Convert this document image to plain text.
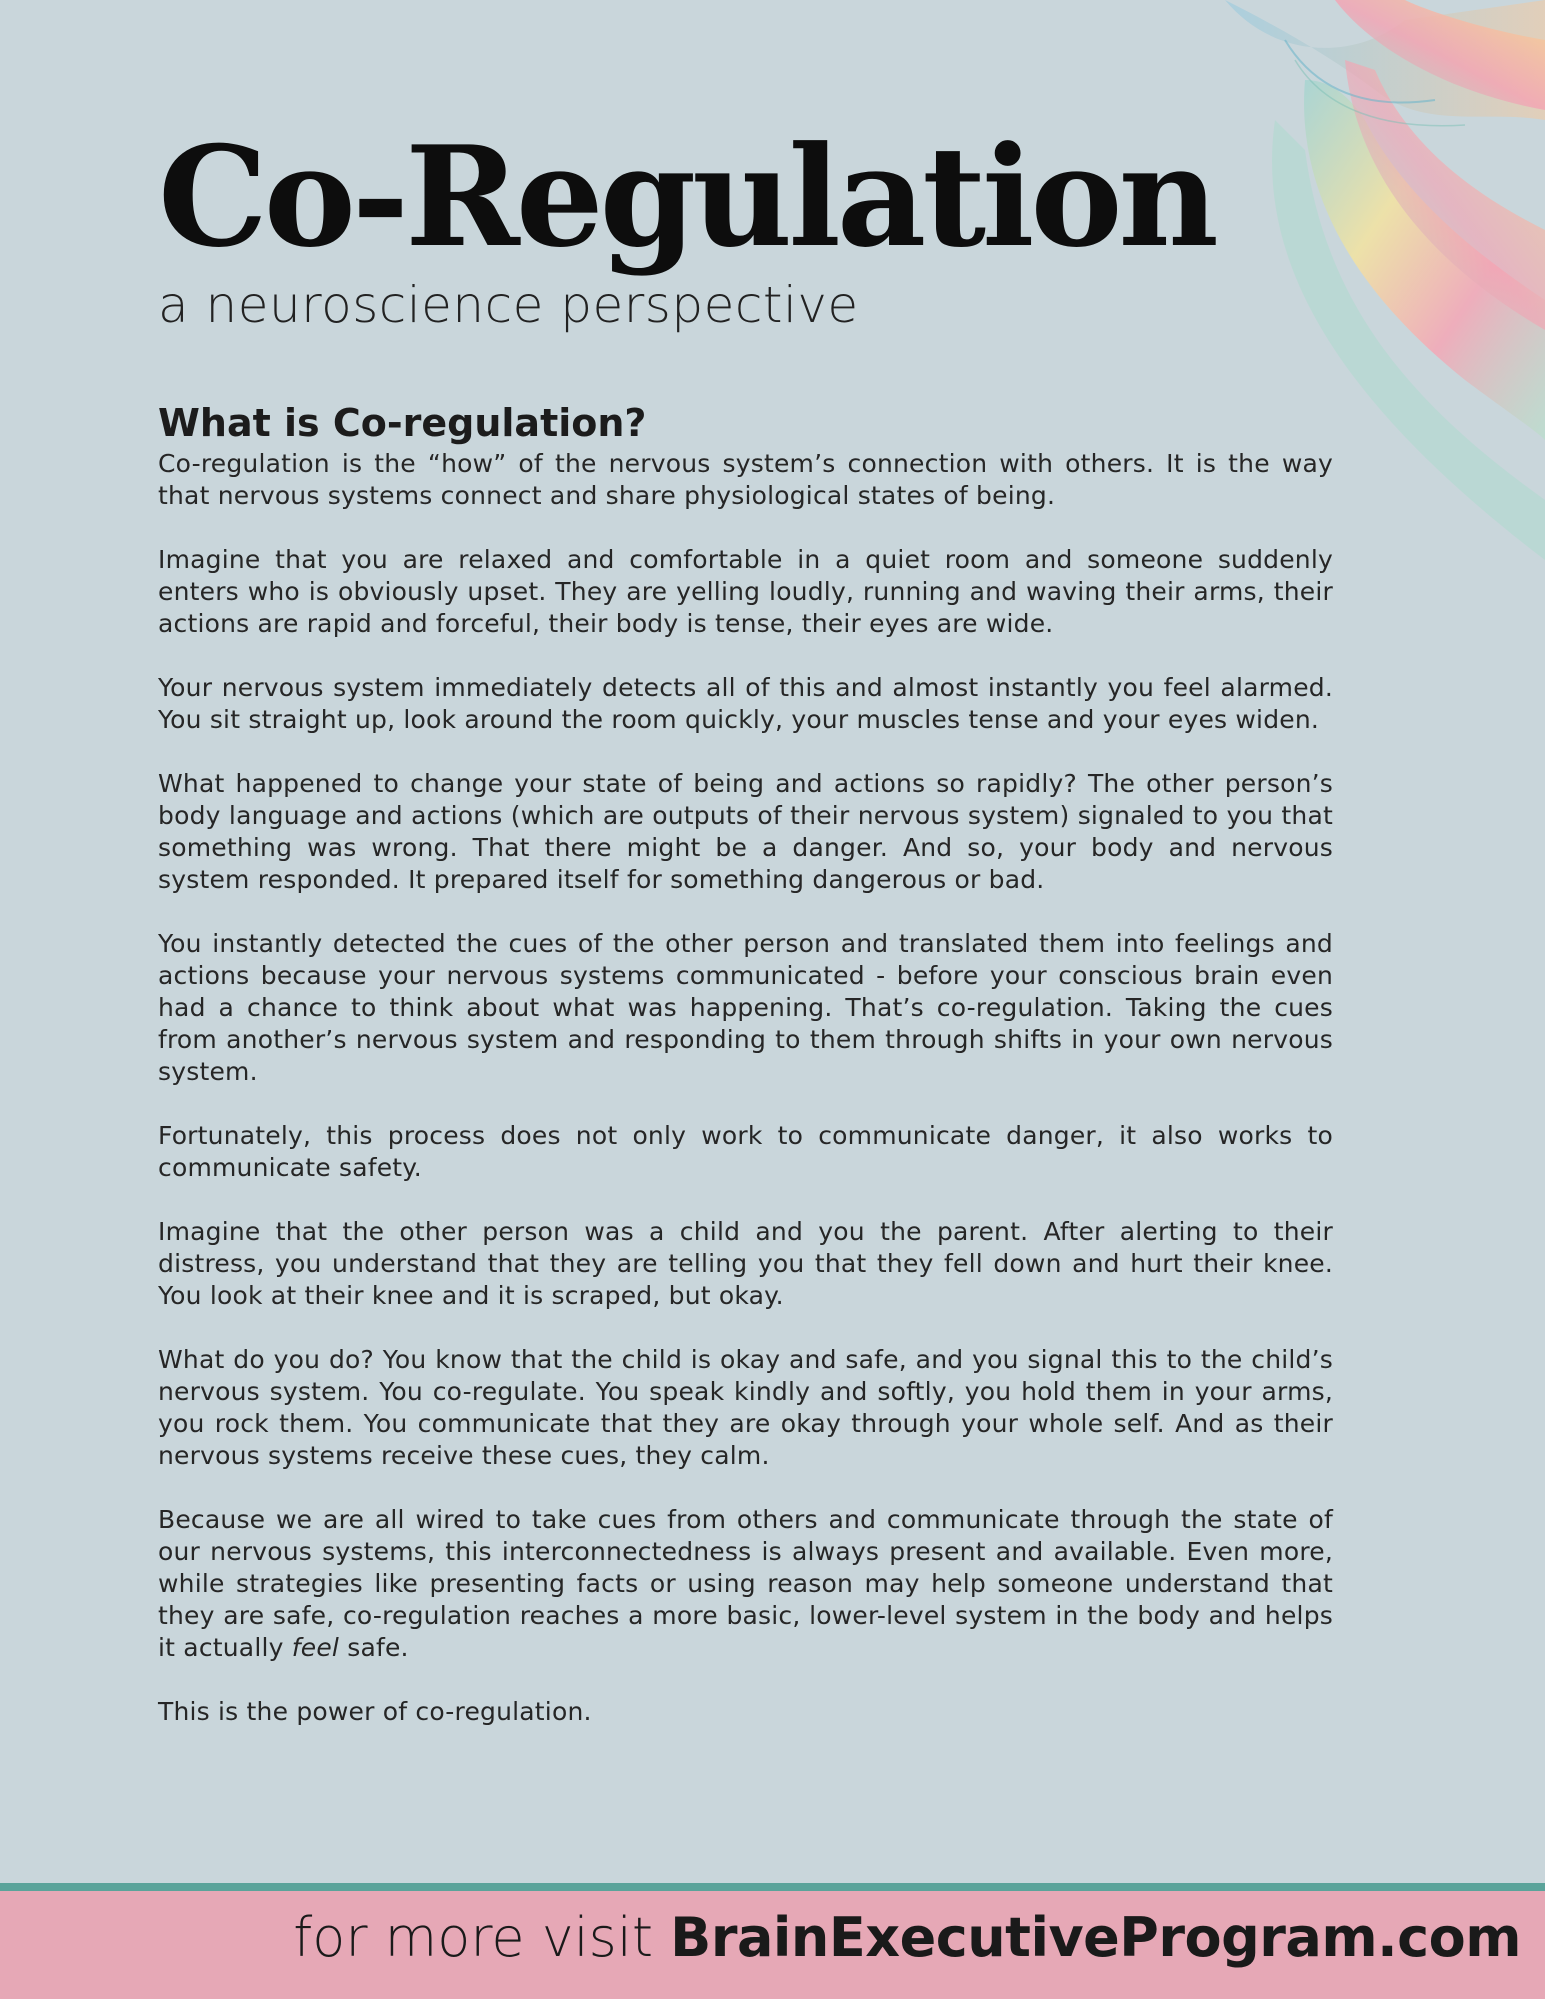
Co-Regulation
a neuroscience perspective
What is Co-regulation?

Co-regulation is the “how” of the nervous system’s connection with others. It is the way that nervous systems connect and share physiological states of being.

Imagine that you are relaxed and comfortable in a quiet room and someone suddenly enters who is obviously upset. They are yelling loudly, running and waving their arms, their actions are rapid and forceful, their body is tense, their eyes are wide.

Your nervous system immediately detects all of this and almost instantly you feel alarmed. You sit straight up, look around the room quickly, your muscles tense and your eyes widen.

What happened to change your state of being and actions so rapidly? The other person’s body language and actions (which are outputs of their nervous system) signaled to you that something was wrong. That there might be a danger. And so, your body and nervous system responded. It prepared itself for something dangerous or bad.

You instantly detected the cues of the other person and translated them into feelings and actions because your nervous systems communicated - before your conscious brain even had a chance to think about what was happening. That’s co-regulation. Taking the cues from another’s nervous system and responding to them through shifts in your own nervous system.

Fortunately, this process does not only work to communicate danger, it also works to communicate safety.

Imagine that the other person was a child and you the parent. After alerting to their distress, you understand that they are telling you that they fell down and hurt their knee. You look at their knee and it is scraped, but okay.

What do you do? You know that the child is okay and safe, and you signal this to the child’s nervous system. You co-regulate. You speak kindly and softly, you hold them in your arms, you rock them. You communicate that they are okay through your whole self. And as their nervous systems receive these cues, they calm.

Because we are all wired to take cues from others and communicate through the state of our nervous systems, this interconnectedness is always present and available. Even more, while strategies like presenting facts or using reason may help someone understand that they are safe, co-regulation reaches a more basic, lower-level system in the body and helps it actually feel safe.

This is the power of co-regulation.

for more visit BrainExecutiveProgram.com
